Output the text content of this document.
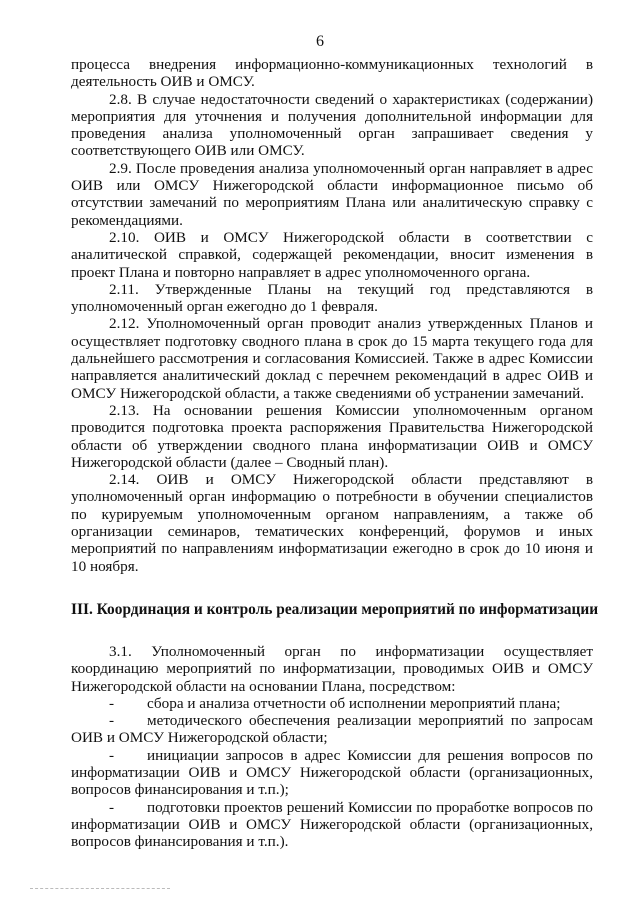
6

процесса внедрения информационно-коммуникационных технологий в деятельность ОИВ и ОМСУ.

2.8. В случае недостаточности сведений о характеристиках (содержании) мероприятия для уточнения и получения дополнительной информации для проведения анализа уполномоченный орган запрашивает сведения у соответствующего ОИВ или ОМСУ.

2.9. После проведения анализа уполномоченный орган направляет в адрес ОИВ или ОМСУ Нижегородской области информационное письмо об отсутствии замечаний по мероприятиям Плана или аналитическую справку с рекомендациями.

2.10. ОИВ и ОМСУ Нижегородской области в соответствии с аналитической справкой, содержащей рекомендации, вносит изменения в проект Плана и повторно направляет в адрес уполномоченного органа.

2.11. Утвержденные Планы на текущий год представляются в уполномоченный орган ежегодно до 1 февраля.

2.12. Уполномоченный орган проводит анализ утвержденных Планов и осуществляет подготовку сводного плана в срок до 15 марта текущего года для дальнейшего рассмотрения и согласования Комиссией. Также в адрес Комиссии направляется аналитический доклад с перечнем рекомендаций в адрес ОИВ и ОМСУ Нижегородской области, а также сведениями об устранении замечаний.

2.13. На основании решения Комиссии уполномоченным органом проводится подготовка проекта распоряжения Правительства Нижегородской области об утверждении сводного плана информатизации ОИВ и ОМСУ Нижегородской области (далее – Сводный план).

2.14. ОИВ и ОМСУ Нижегородской области представляют в уполномоченный орган информацию о потребности в обучении специалистов по курируемым уполномоченным органом направлениям, а также об организации семинаров, тематических конференций, форумов и иных мероприятий по направлениям информатизации ежегодно в срок до 10 июня и 10 ноября.

III. Координация и контроль реализации мероприятий по информатизации

3.1. Уполномоченный орган по информатизации осуществляет координацию мероприятий по информатизации, проводимых ОИВ и ОМСУ Нижегородской области на основании Плана, посредством:

- сбора и анализа отчетности об исполнении мероприятий плана;

- методического обеспечения реализации мероприятий по запросам ОИВ и ОМСУ Нижегородской области;

- инициации запросов в адрес Комиссии для решения вопросов по информатизации ОИВ и ОМСУ Нижегородской области (организационных, вопросов финансирования и т.п.);

- подготовки проектов решений Комиссии по проработке вопросов по информатизации ОИВ и ОМСУ Нижегородской области (организационных, вопросов финансирования и т.п.).
